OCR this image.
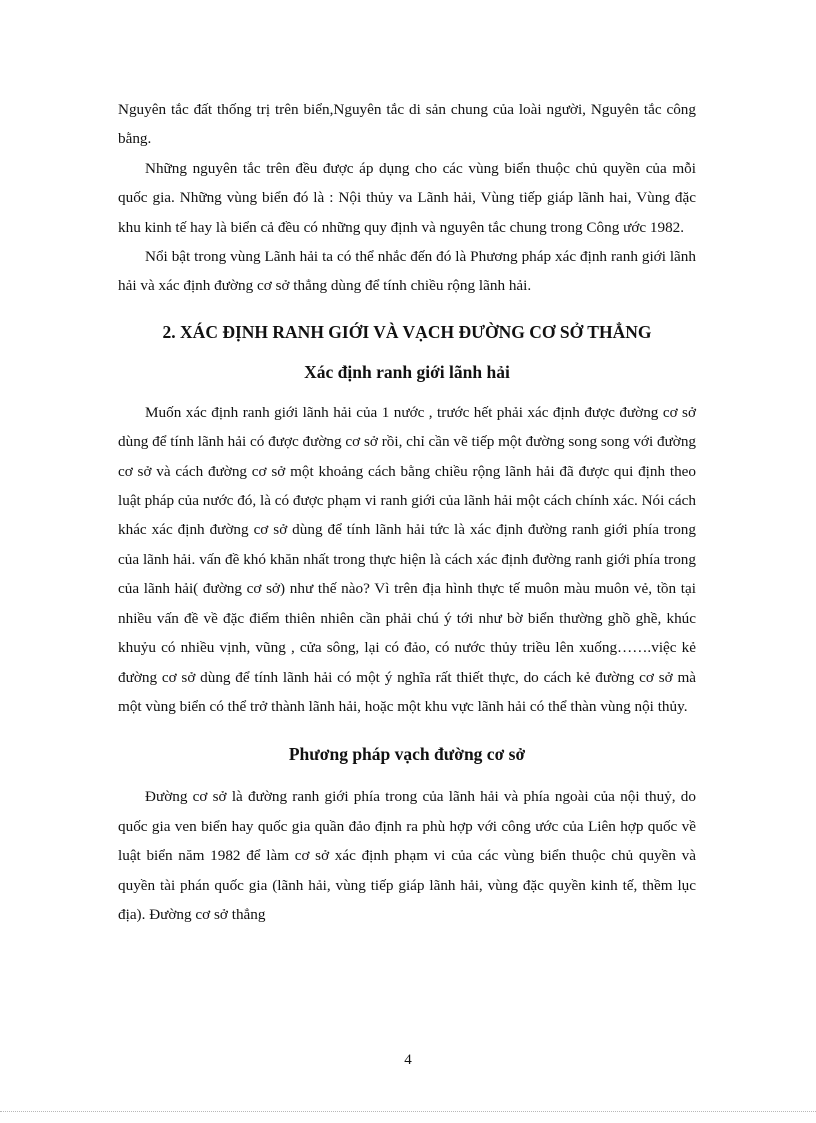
Nguyên tắc đất thống trị trên biển,Nguyên tắc di sản chung của loài người, Nguyên tắc công bằng.

Những nguyên tắc trên đều được áp dụng cho các vùng biển thuộc chủ quyền của mỗi quốc gia. Những vùng biển đó là : Nội thủy va Lãnh hải, Vùng tiếp giáp lãnh hai, Vùng đặc khu kinh tế hay là biển cả đều có những quy định và nguyên tắc chung trong Công ước 1982.

Nổi bật trong vùng Lãnh hải ta có thể nhắc đến đó là Phương pháp xác định ranh giới lãnh hải và xác định đường cơ sở thẳng dùng để tính chiều rộng lãnh hải.

2. XÁC ĐỊNH RANH GIỚI VÀ VẠCH ĐƯỜNG CƠ SỞ THẲNG
Xác định ranh giới lãnh hải

Muốn xác định ranh giới lãnh hải của 1 nước , trước hết phải xác định được đường cơ sở dùng để tính lãnh hải có được đường cơ sở rồi, chỉ cần vẽ tiếp một đường song song với đường cơ sở và cách đường cơ sở một khoảng cách bằng chiều rộng lãnh hải đã được qui định theo luật pháp của nước đó, là có được phạm vi ranh giới của lãnh hải một cách chính xác. Nói cách khác xác định đường cơ sở dùng để tính lãnh hải tức là xác định đường ranh giới phía trong của lãnh hải. vấn đề khó khăn nhất trong thực hiện là cách xác định đường ranh giới phía trong của lãnh hải( đường cơ sở) như thế nào? Vì trên địa hình thực tế muôn màu muôn vẻ, tồn tại nhiều vấn đề về đặc điểm thiên nhiên cần phải chú ý tới như bờ biển thường ghồ ghề, khúc khuỷu có nhiều vịnh, vũng , cửa sông, lại có đảo, có nước thủy triều lên xuống…….việc kẻ đường cơ sở dùng để tính lãnh hải có một ý nghĩa rất thiết thực, do cách kẻ đường cơ sở mà một vùng biển có thể trở thành lãnh hải, hoặc một khu vực lãnh hải có thể thàn vùng nội thủy.

Phương pháp vạch đường cơ sở

Đường cơ sở là đường ranh giới phía trong của lãnh hải và phía ngoài của nội thuỷ, do quốc gia ven biển hay quốc gia quần đảo định ra phù hợp với công ước của Liên hợp quốc về luật biển năm 1982 để làm cơ sở xác định phạm vi của các vùng biển thuộc chủ quyền và quyền tài phán quốc gia (lãnh hải, vùng tiếp giáp lãnh hải, vùng đặc quyền kinh tế, thềm lục địa). Đường cơ sở thẳng

4
